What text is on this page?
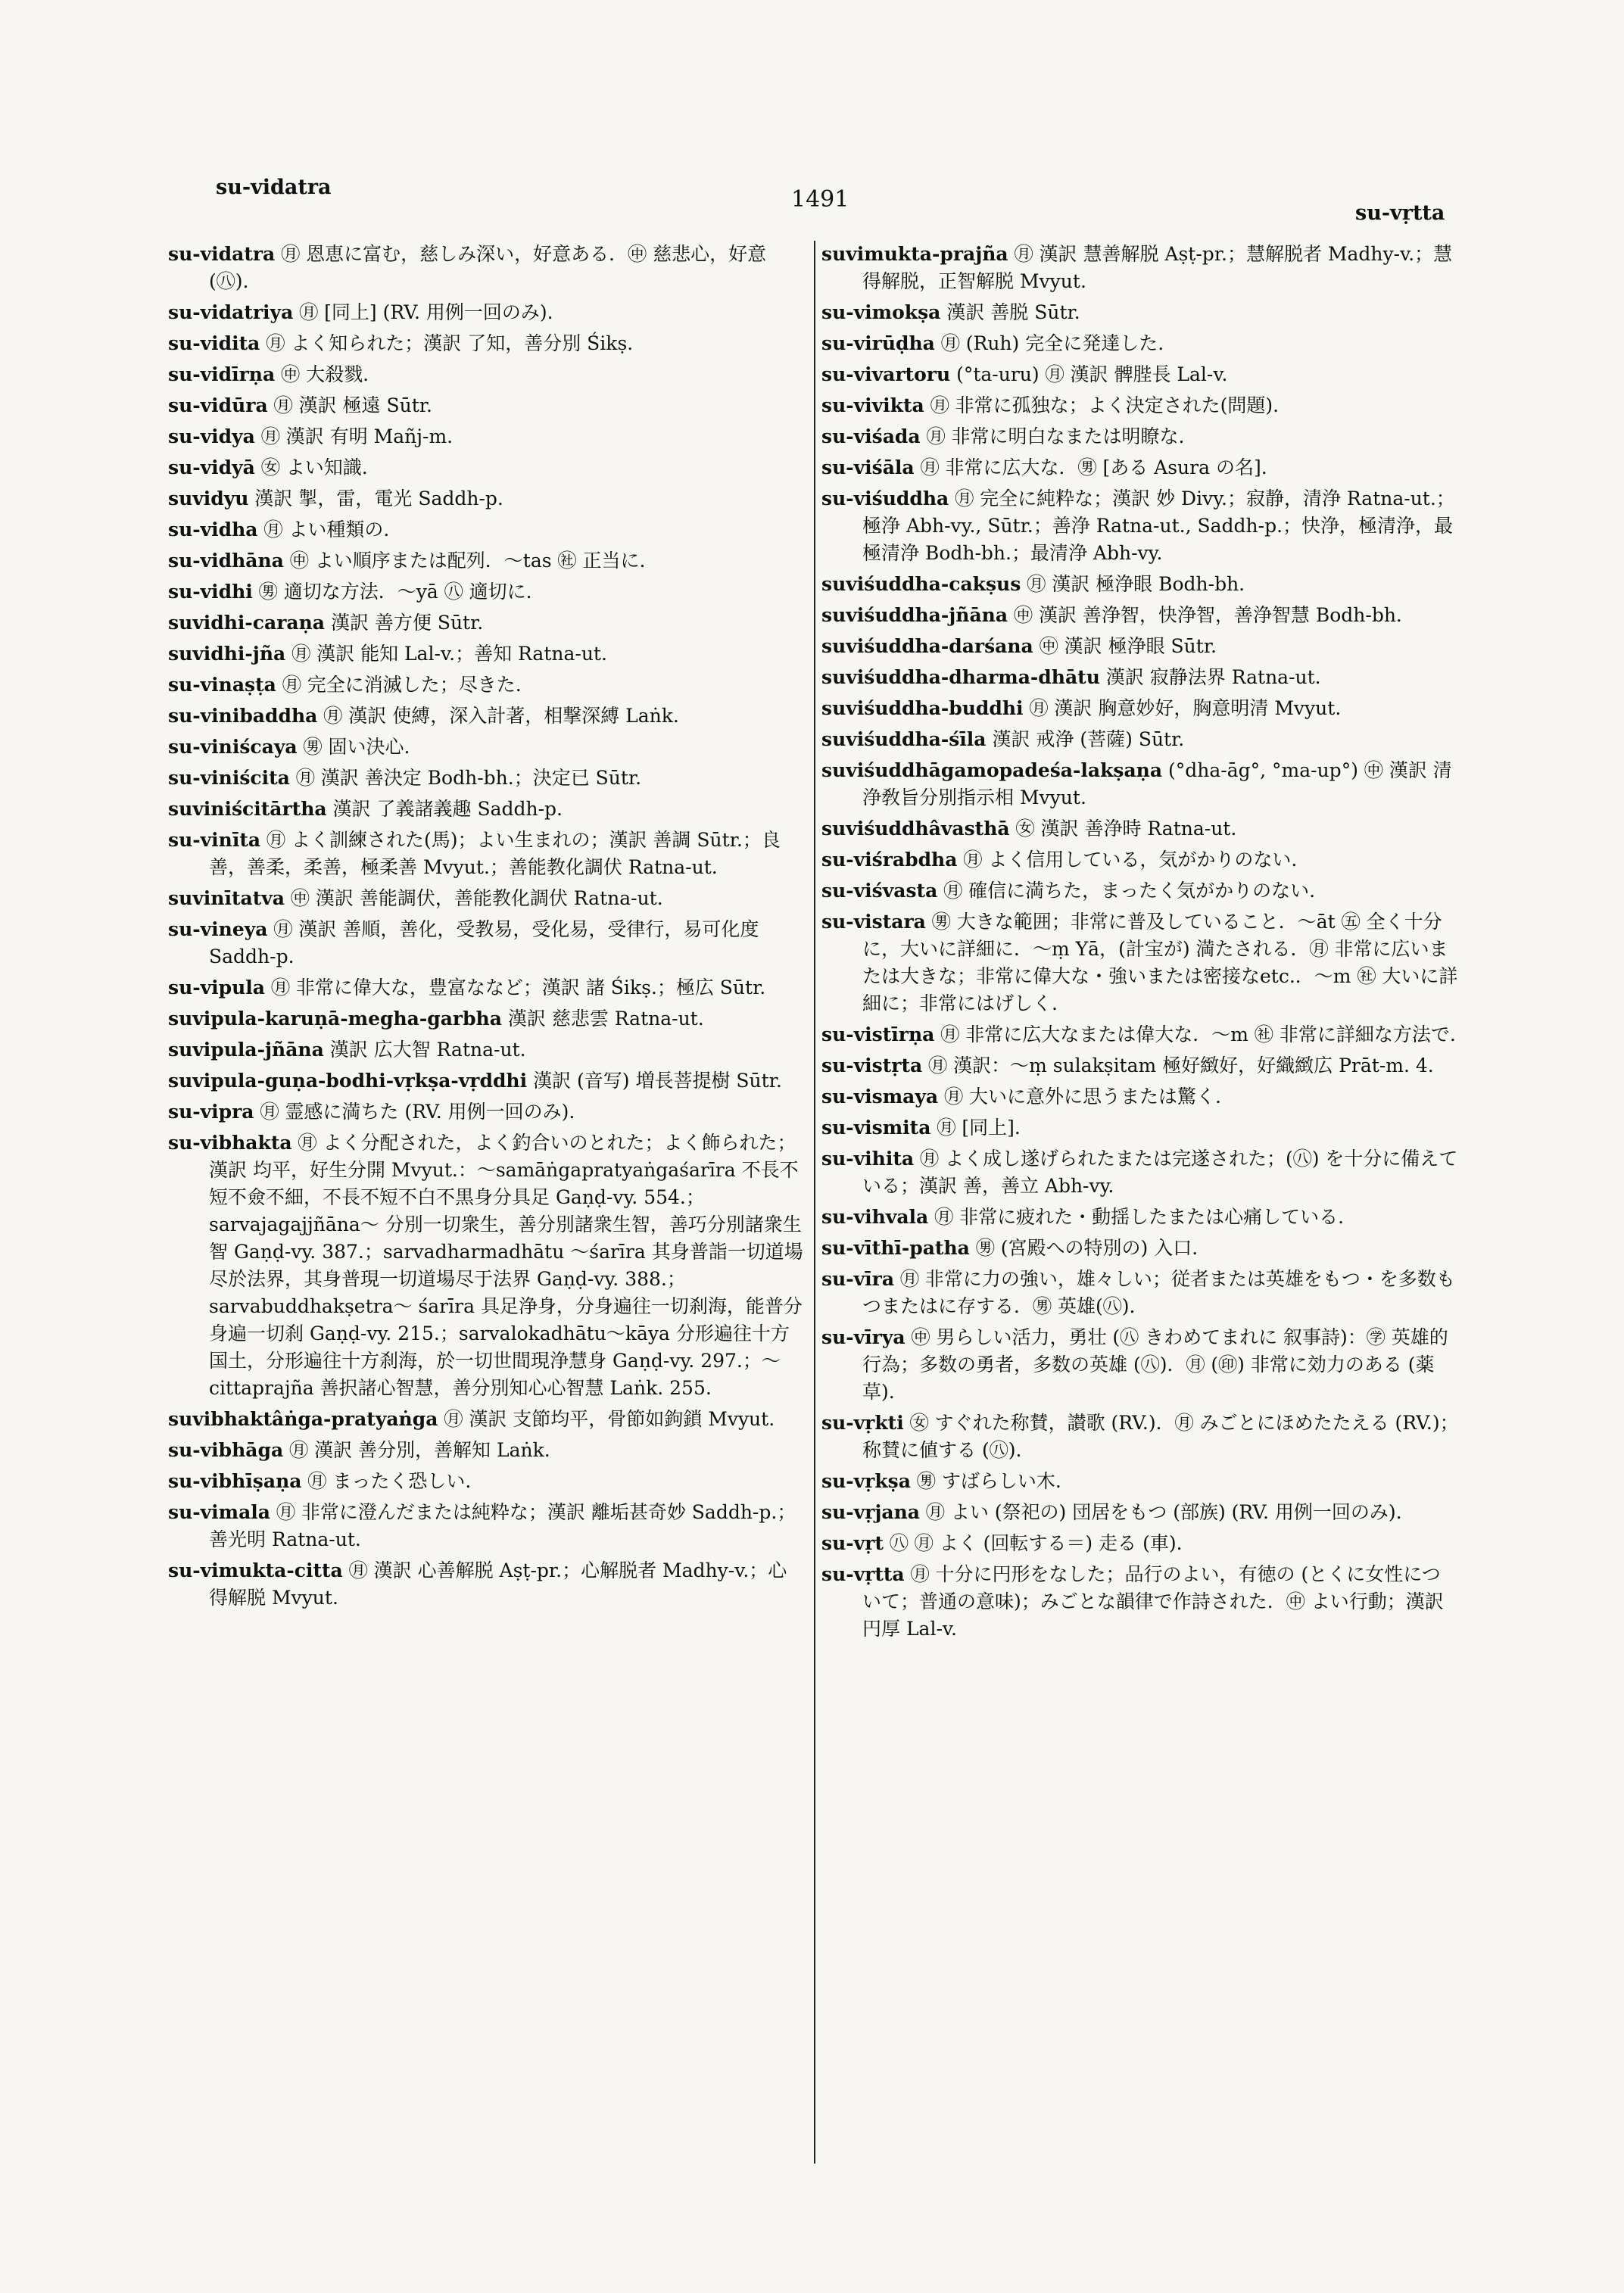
su-vidatra	1491
su-vṛtta
su-vidatra ㊊ 恩恵に富む，慈しみ深い，好意ある．㊥ 慈悲心，好意(㊇).
su-vidatriya ㊊ [同上] (RV. 用例一回のみ).
su-vidita ㊊ よく知られた；漢訳 了知，善分別 Śikṣ.
su-vidīrṇa ㊥ 大殺戮.
su-vidūra ㊊ 漢訳 極遠 Sūtr.
su-vidya ㊊ 漢訳 有明 Mañj-m.
su-vidyā ㊛ よい知識.
suvidyu 漢訳 掣，雷，電光 Saddh-p.
su-vidha ㊊ よい種類の.
su-vidhāna ㊥ よい順序または配列．～tas ㊓ 正当に.
su-vidhi ㊚ 適切な方法．～yā ㊇ 適切に.
suvidhi-caraṇa 漢訳 善方便 Sūtr.
suvidhi-jña ㊊ 漢訳 能知 Lal-v.；善知 Ratna-ut.
su-vinaṣṭa ㊊ 完全に消滅した；尽きた.
su-vinibaddha ㊊ 漢訳 使縛，深入計著，相撃深縛 Laṅk.
su-viniścaya ㊚ 固い決心.
su-viniścita ㊊ 漢訳 善決定 Bodh-bh.；決定已 Sūtr.
suviniścitārtha 漢訳 了義諸義趣 Saddh-p.
su-vinīta ㊊ よく訓練された(馬)；よい生まれの；漢訳 善調 Sūtr.；良善，善柔，柔善，極柔善 Mvyut.；善能教化調伏 Ratna-ut.
suvinītatva ㊥ 漢訳 善能調伏，善能教化調伏 Ratna-ut.
su-vineya ㊊ 漢訳 善順，善化，受教易，受化易，受律行，易可化度 Saddh-p.
su-vipula ㊊ 非常に偉大な，豊富ななど；漢訳 諸 Śikṣ.；極広 Sūtr.
suvipula-karuṇā-megha-garbha 漢訳 慈悲雲 Ratna-ut.
suvipula-jñāna 漢訳 広大智 Ratna-ut.
suvipula-guṇa-bodhi-vṛkṣa-vṛddhi 漢訳 (音写) 増長菩提樹 Sūtr.
su-vipra ㊊ 霊感に満ちた (RV. 用例一回のみ).
su-vibhakta ㊊ よく分配された，よく釣合いのとれた；よく飾られた；漢訳 均平，好生分開 Mvyut.：～samāṅgapratyaṅgaśarīra 不長不短不僉不細，不長不短不白不黒身分具足 Gaṇḍ-vy. 554.；sarvajagajjñāna～ 分別一切衆生，善分別諸衆生智，善巧分別諸衆生智 Gaṇḍ-vy. 387.；sarvadharmadhātu ～śarīra 其身普詣一切道場尽於法界，其身普現一切道場尽于法界 Gaṇḍ-vy. 388.；sarvabuddhakṣetra～ śarīra 具足浄身，分身遍往一切刹海，能普分身遍一切刹 Gaṇḍ-vy. 215.；sarvalokadhātu～kāya 分形遍往十方国土，分形遍往十方刹海，於一切世間現浄慧身 Gaṇḍ-vy. 297.；～cittaprajña 善択諸心智慧，善分別知心心智慧 Laṅk. 255.
suvibhaktâṅga-pratyaṅga ㊊ 漢訳 支節均平，骨節如鉤鎖 Mvyut.
su-vibhāga ㊊ 漢訳 善分別，善解知 Laṅk.
su-vibhīṣaṇa ㊊ まったく恐しい.
su-vimala ㊊ 非常に澄んだまたは純粋な；漢訳 離垢甚奇妙 Saddh-p.；善光明 Ratna-ut.
su-vimukta-citta ㊊ 漢訳 心善解脱 Aṣṭ-pr.；心解脱者 Madhy-v.；心得解脱 Mvyut.
suvimukta-prajña ㊊ 漢訳 慧善解脱 Aṣṭ-pr.；慧解脱者 Madhy-v.；慧得解脱，正智解脱 Mvyut.
su-vimokṣa 漢訳 善脱 Sūtr.
su-virūḍha ㊊ (Ruh) 完全に発達した.
su-vivartoru (°ta-uru) ㊊ 漢訳 髀䏶長 Lal-v.
su-vivikta ㊊ 非常に孤独な；よく決定された(問題).
su-viśada ㊊ 非常に明白なまたは明瞭な.
su-viśāla ㊊ 非常に広大な．㊚ [ある Asura の名].
su-viśuddha ㊊ 完全に純粋な；漢訳 妙 Divy.；寂静，清浄 Ratna-ut.；極浄 Abh-vy., Sūtr.；善浄 Ratna-ut., Saddh-p.；快浄，極清浄，最極清浄 Bodh-bh.；最清浄 Abh-vy.
suviśuddha-cakṣus ㊊ 漢訳 極浄眼 Bodh-bh.
suviśuddha-jñāna ㊥ 漢訳 善浄智，快浄智，善浄智慧 Bodh-bh.
suviśuddha-darśana ㊥ 漢訳 極浄眼 Sūtr.
suviśuddha-dharma-dhātu 漢訳 寂静法界 Ratna-ut.
suviśuddha-buddhi ㊊ 漢訳 胸意妙好，胸意明清 Mvyut.
suviśuddha-śīla 漢訳 戒浄 (菩薩) Sūtr.
suviśuddhāgamopadeśa-lakṣaṇa (°dha-āg°, °ma-up°) ㊥ 漢訳 清浄敎旨分別指示相 Mvyut.
suviśuddhâvasthā ㊛ 漢訳 善浄時 Ratna-ut.
su-viśrabdha ㊊ よく信用している，気がかりのない.
su-viśvasta ㊊ 確信に満ちた，まったく気がかりのない.
su-vistara ㊚ 大きな範囲；非常に普及していること．～āt ㊄ 全く十分に，大いに詳細に．～ṃ Yā，(計宝が) 満たされる．㊊ 非常に広いまたは大きな；非常に偉大な・強いまたは密接なetc.．～m ㊓ 大いに詳細に；非常にはげしく.
su-vistīrṇa ㊊ 非常に広大なまたは偉大な．～m ㊓ 非常に詳細な方法で.
su-vistṛta ㊊ 漢訳：～ṃ sulakṣitam 極好緻好，好織緻広 Prāt-m. 4.
su-vismaya ㊊ 大いに意外に思うまたは驚く.
su-vismita ㊊ [同上].
su-vihita ㊊ よく成し遂げられたまたは完遂された；(㊇) を十分に備えている；漢訳 善，善立 Abh-vy.
su-vihvala ㊊ 非常に疲れた・動揺したまたは心痛している.
su-vīthī-patha ㊚ (宮殿への特別の) 入口.
su-vīra ㊊ 非常に力の強い，雄々しい；従者または英雄をもつ・を多数もつまたはに存する．㊚ 英雄(㊇).
su-vīrya ㊥ 男らしい活力，勇壮 (㊇ きわめてまれに 叙事詩)：㊫ 英雄的行為；多数の勇者，多数の英雄 (㊇)．㊊ (㊞) 非常に効力のある (薬草).
su-vṛkti ㊛ すぐれた称賛，讃歌 (RV.)．㊊ みごとにほめたたえる (RV.)；称賛に値する (㊇).
su-vṛkṣa ㊚ すばらしい木.
su-vṛjana ㊊ よい (祭祀の) 団居をもつ (部族) (RV. 用例一回のみ).
su-vṛt ㊇ ㊊ よく (回転する＝) 走る (車).
su-vṛtta ㊊ 十分に円形をなした；品行のよい，有徳の (とくに女性について；普通の意味)；みごとな韻律で作詩された．㊥ よい行動；漢訳 円厚 Lal-v.
